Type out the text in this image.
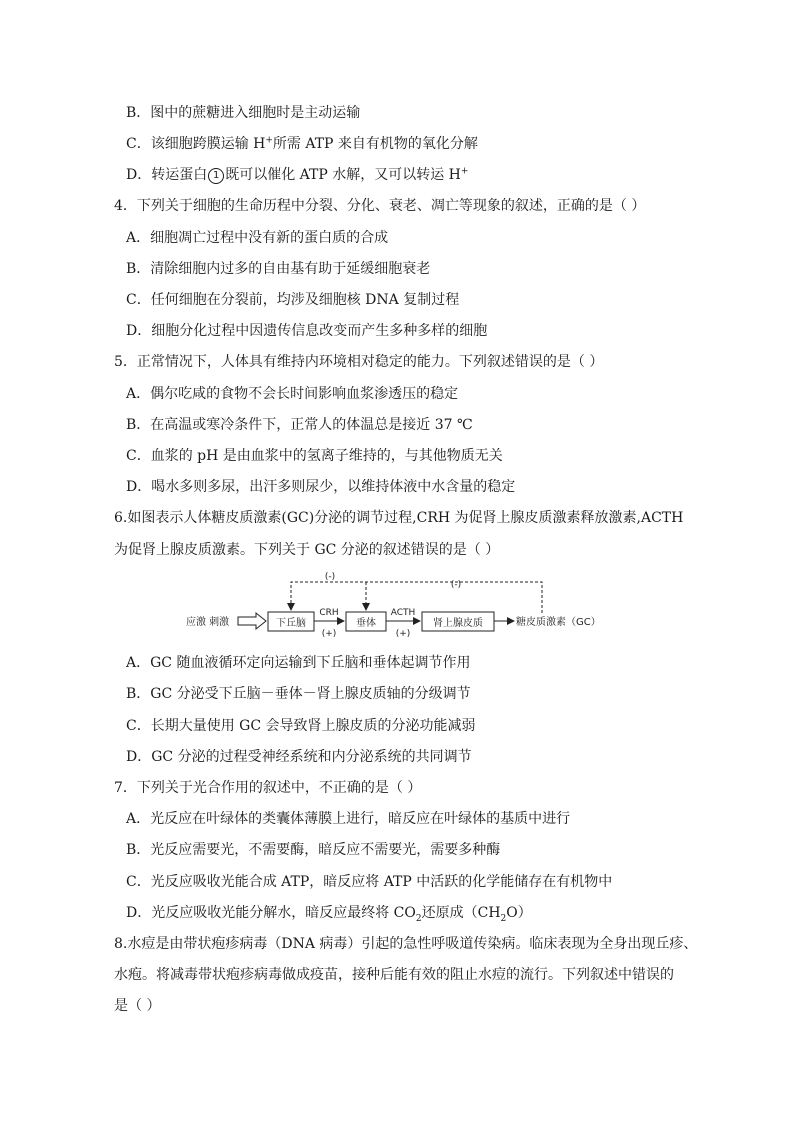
B．图中的蔗糖进入细胞时是主动运输
C．该细胞跨膜运输 H+所需 ATP 来自有机物的氧化分解
D．转运蛋白 1 既可以催化 ATP 水解，又可以转运 H+
4．下列关于细胞的生命历程中分裂、分化、衰老、凋亡等现象的叙述，正确的是（ ）
A．细胞凋亡过程中没有新的蛋白质的合成
B．清除细胞内过多的自由基有助于延缓细胞衰老
C．任何细胞在分裂前，均涉及细胞核 DNA 复制过程
D．细胞分化过程中因遗传信息改变而产生多种多样的细胞
5．正常情况下，人体具有维持内环境相对稳定的能力。下列叙述错误的是（ ）
A．偶尔吃咸的食物不会长时间影响血浆渗透压的稳定
B．在高温或寒冷条件下，正常人的体温总是接近 37 ℃
C．血浆的 pH 是由血浆中的氢离子维持的，与其他物质无关
D．喝水多则多尿，出汗多则尿少，以维持体液中水含量的稳定
6.如图表示人体糖皮质激素(GC)分泌的调节过程,CRH 为促肾上腺皮质激素释放激素,ACTH
为促肾上腺皮质激素。下列关于 GC 分泌的叙述错误的是（ ）
应激 刺激	下丘脑
CRH
(+)
垂体
ACTH
(+)
肾上腺皮质	糖皮质激素（GC）
(-)
(-)
A．GC 随血液循环定向运输到下丘脑和垂体起调节作用
B．GC 分泌受下丘脑－垂体－肾上腺皮质轴的分级调节
C．长期大量使用 GC 会导致肾上腺皮质的分泌功能减弱
D．GC 分泌的过程受神经系统和内分泌系统的共同调节
7．下列关于光合作用的叙述中，不正确的是（ ）
A．光反应在叶绿体的类囊体薄膜上进行，暗反应在叶绿体的基质中进行
B．光反应需要光，不需要酶，暗反应不需要光，需要多种酶
C．光反应吸收光能合成 ATP，暗反应将 ATP 中活跃的化学能储存在有机物中
D．光反应吸收光能分解水，暗反应最终将 $CO_2$还原成$(CH_2O)$
8.水痘是由带状疱疹病毒（DNA 病毒）引起的急性呼吸道传染病。临床表现为全身出现丘疹、
水疱。将减毒带状疱疹病毒做成疫苗，接种后能有效的阻止水痘的流行。下列叙述中错误的
是（ ）
